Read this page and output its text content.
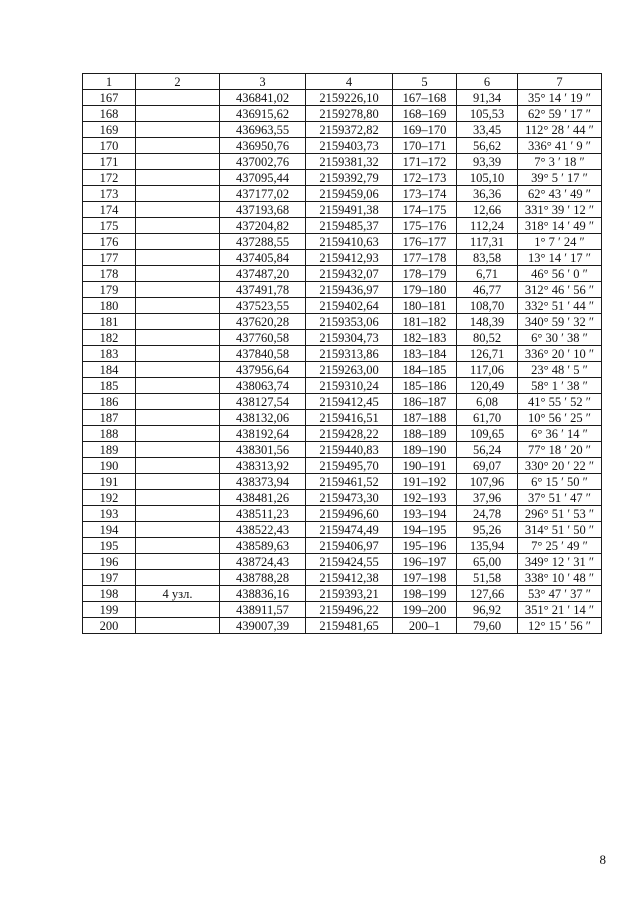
1	2	3	4	5	6	7
167		436841,02	2159226,10	167–168	91,34	35° 14 ′ 19 ″
168		436915,62	2159278,80	168–169	105,53	62° 59 ′ 17 ″
169		436963,55	2159372,82	169–170	33,45	112° 28 ′ 44 ″
170		436950,76	2159403,73	170–171	56,62	336° 41 ′ 9 ″
171		437002,76	2159381,32	171–172	93,39	7° 3 ′ 18 ″
172		437095,44	2159392,79	172–173	105,10	39° 5 ′ 17 ″
173		437177,02	2159459,06	173–174	36,36	62° 43 ′ 49 ″
174		437193,68	2159491,38	174–175	12,66	331° 39 ′ 12 ″
175		437204,82	2159485,37	175–176	112,24	318° 14 ′ 49 ″
176		437288,55	2159410,63	176–177	117,31	1° 7 ′ 24 ″
177		437405,84	2159412,93	177–178	83,58	13° 14 ′ 17 ″
178		437487,20	2159432,07	178–179	6,71	46° 56 ′ 0 ″
179		437491,78	2159436,97	179–180	46,77	312° 46 ′ 56 ″
180		437523,55	2159402,64	180–181	108,70	332° 51 ′ 44 ″
181		437620,28	2159353,06	181–182	148,39	340° 59 ′ 32 ″
182		437760,58	2159304,73	182–183	80,52	6° 30 ′ 38 ″
183		437840,58	2159313,86	183–184	126,71	336° 20 ′ 10 ″
184		437956,64	2159263,00	184–185	117,06	23° 48 ′ 5 ″
185		438063,74	2159310,24	185–186	120,49	58° 1 ′ 38 ″
186		438127,54	2159412,45	186–187	6,08	41° 55 ′ 52 ″
187		438132,06	2159416,51	187–188	61,70	10° 56 ′ 25 ″
188		438192,64	2159428,22	188–189	109,65	6° 36 ′ 14 ″
189		438301,56	2159440,83	189–190	56,24	77° 18 ′ 20 ″
190		438313,92	2159495,70	190–191	69,07	330° 20 ′ 22 ″
191		438373,94	2159461,52	191–192	107,96	6° 15 ′ 50 ″
192		438481,26	2159473,30	192–193	37,96	37° 51 ′ 47 ″
193		438511,23	2159496,60	193–194	24,78	296° 51 ′ 53 ″
194		438522,43	2159474,49	194–195	95,26	314° 51 ′ 50 ″
195		438589,63	2159406,97	195–196	135,94	7° 25 ′ 49 ″
196		438724,43	2159424,55	196–197	65,00	349° 12 ′ 31 ″
197		438788,28	2159412,38	197–198	51,58	338° 10 ′ 48 ″
198	4 узл.	438836,16	2159393,21	198–199	127,66	53° 47 ′ 37 ″
199		438911,57	2159496,22	199–200	96,92	351° 21 ′ 14 ″
200		439007,39	2159481,65	200–1	79,60	12° 15 ′ 56 ″
8
